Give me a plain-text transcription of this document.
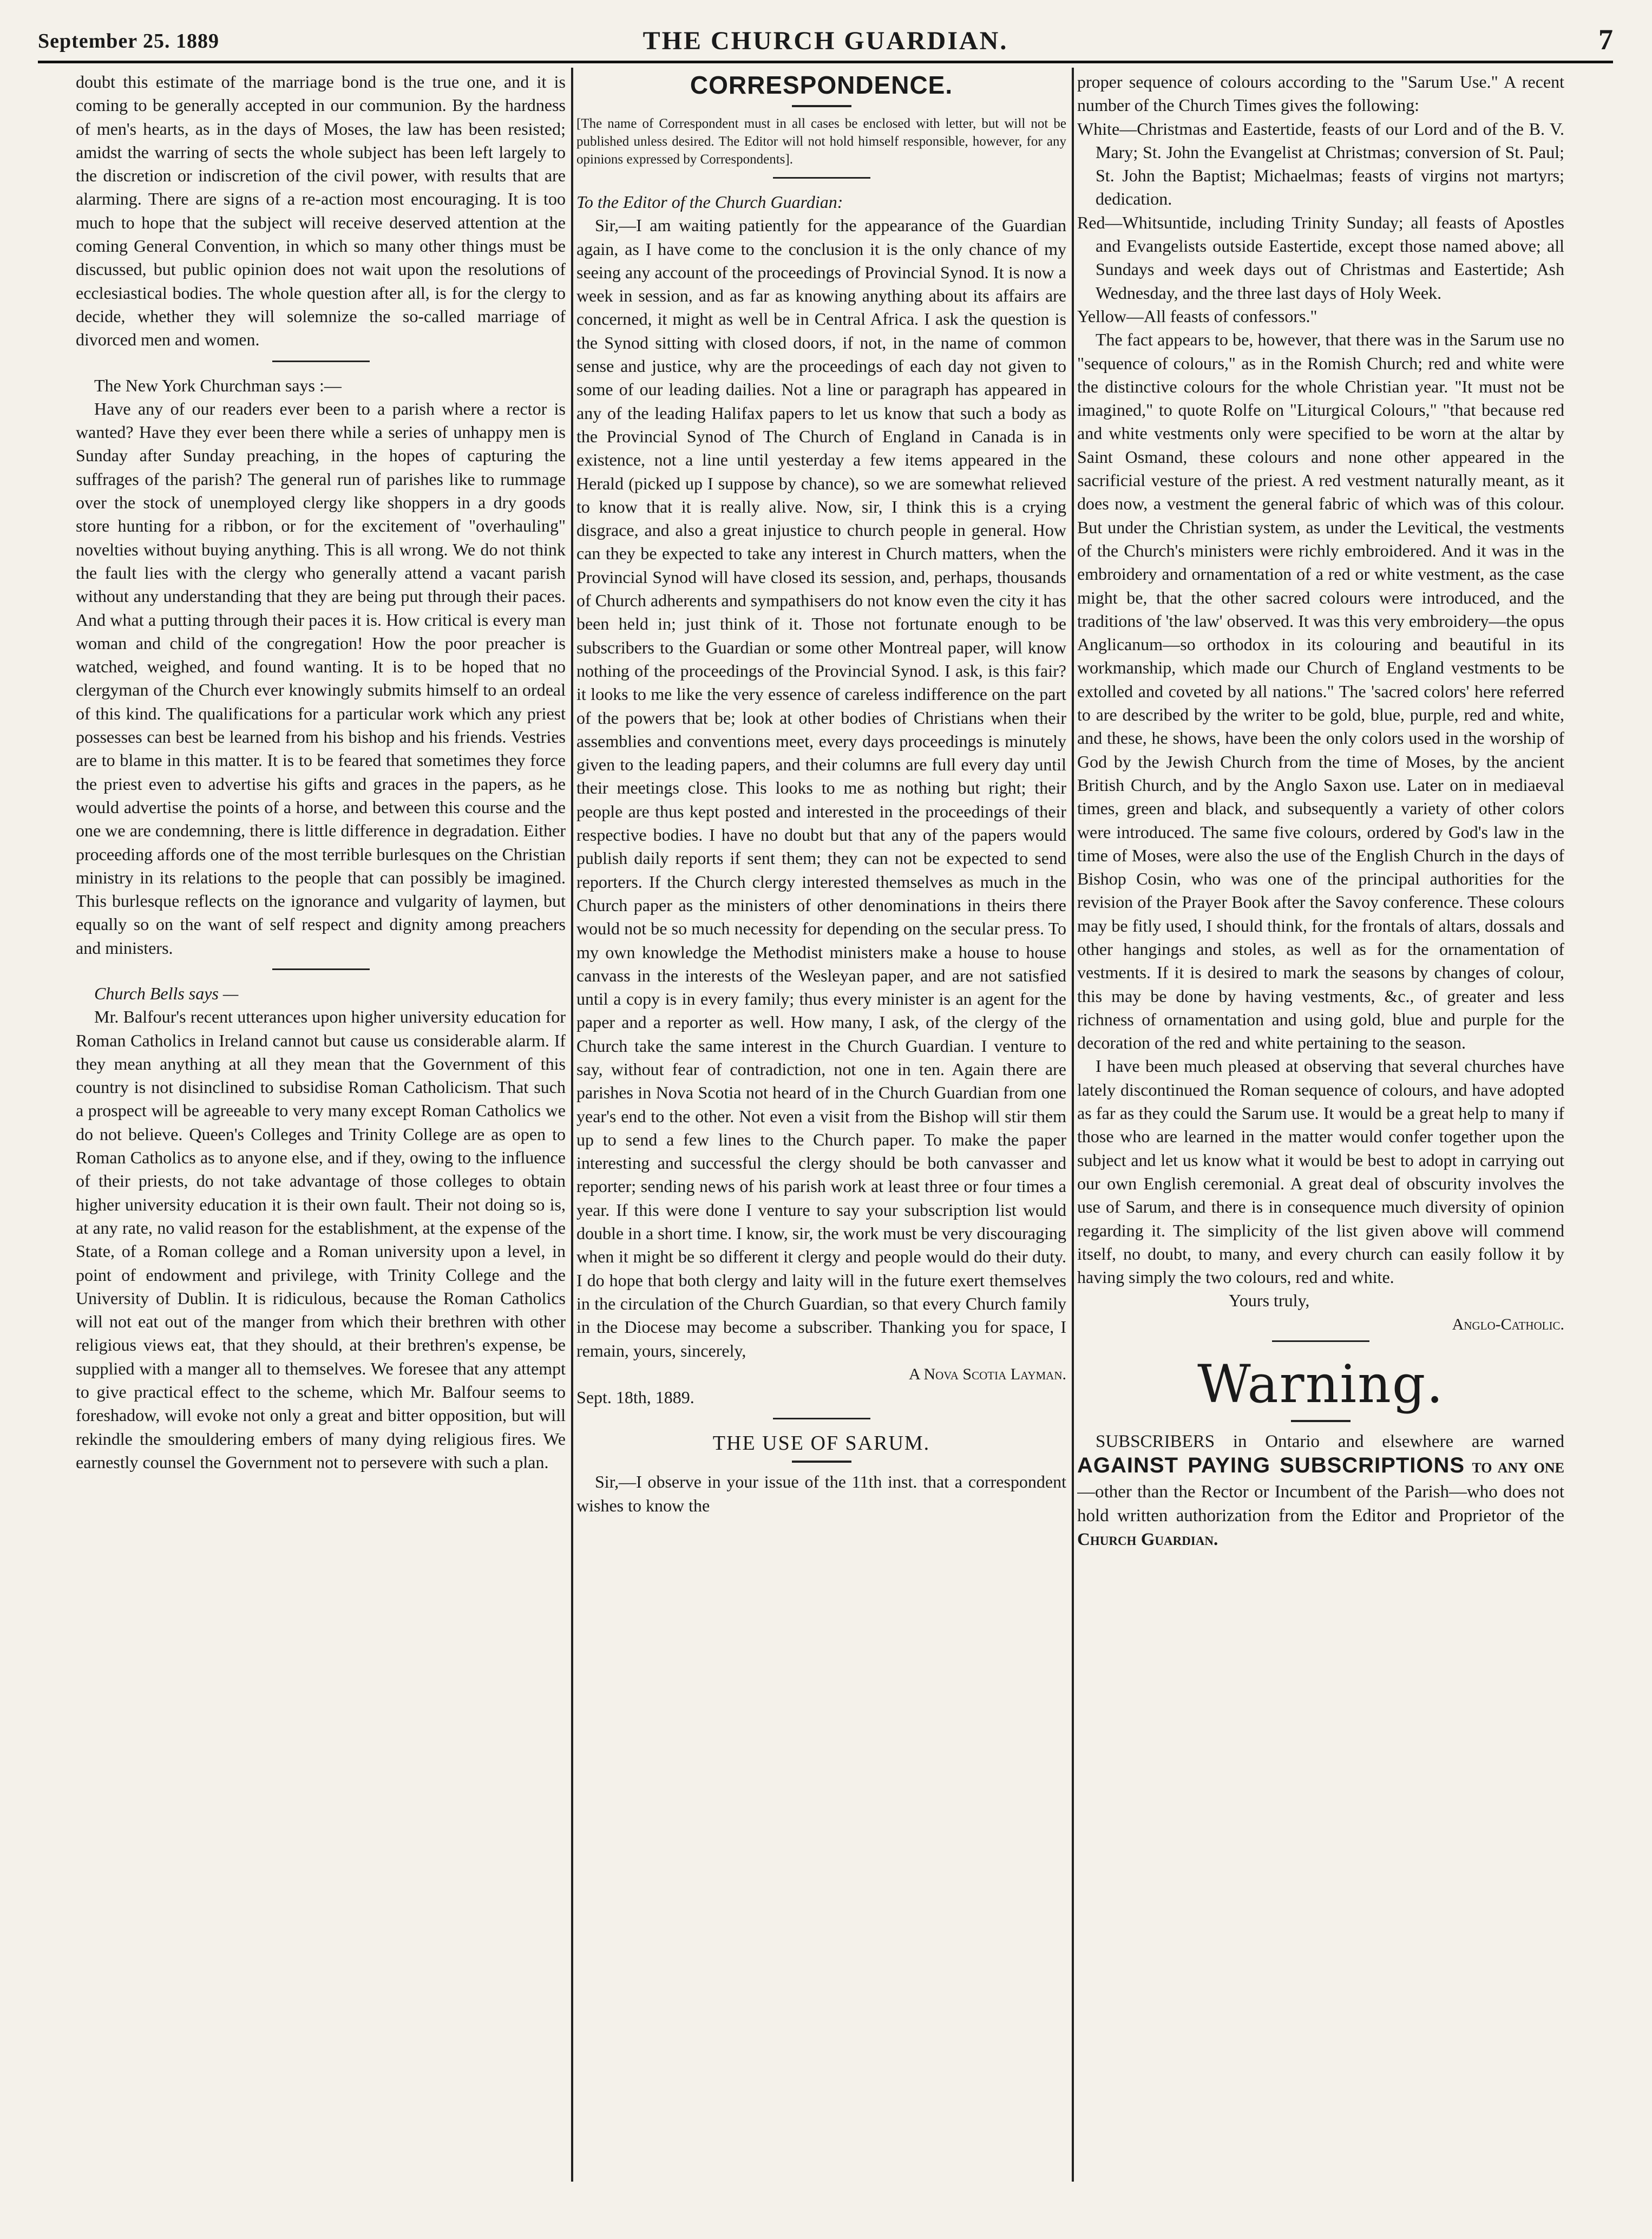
September 25. 1889	THE CHURCH GUARDIAN.	7

doubt this estimate of the marriage bond is the true one, and it is coming to be generally accepted in our communion. By the hardness of men's hearts, as in the days of Moses, the law has been resisted; amidst the warring of sects the whole subject has been left largely to the discretion or indiscretion of the civil power, with results that are alarming. There are signs of a re-action most encouraging. It is too much to hope that the subject will receive deserved attention at the coming General Convention, in which so many other things must be discussed, but public opinion does not wait upon the resolutions of ecclesiastical bodies. The whole question after all, is for the clergy to decide, whether they will solemnize the so-called marriage of divorced men and women.

The New York Churchman says :—

Have any of our readers ever been to a parish where a rector is wanted? Have they ever been there while a series of unhappy men is Sunday after Sunday preaching, in the hopes of capturing the suffrages of the parish? The general run of parishes like to rummage over the stock of unemployed clergy like shoppers in a dry goods store hunting for a ribbon, or for the excitement of "overhauling" novelties without buying anything. This is all wrong. We do not think the fault lies with the clergy who generally attend a vacant parish without any understanding that they are being put through their paces. And what a putting through their paces it is. How critical is every man woman and child of the congregation! How the poor preacher is watched, weighed, and found wanting. It is to be hoped that no clergyman of the Church ever knowingly submits himself to an ordeal of this kind. The qualifications for a particular work which any priest possesses can best be learned from his bishop and his friends. Vestries are to blame in this matter. It is to be feared that sometimes they force the priest even to advertise his gifts and graces in the papers, as he would advertise the points of a horse, and between this course and the one we are condemning, there is little difference in degradation. Either proceeding affords one of the most terrible burlesques on the Christian ministry in its relations to the people that can possibly be imagined. This burlesque reflects on the ignorance and vulgarity of laymen, but equally so on the want of self respect and dignity among preachers and ministers.

Church Bells says —

Mr. Balfour's recent utterances upon higher university education for Roman Catholics in Ireland cannot but cause us considerable alarm. If they mean anything at all they mean that the Government of this country is not disinclined to subsidise Roman Catholicism. That such a prospect will be agreeable to very many except Roman Catholics we do not believe. Queen's Colleges and Trinity College are as open to Roman Catholics as to anyone else, and if they, owing to the influence of their priests, do not take advantage of those colleges to obtain higher university education it is their own fault. Their not doing so is, at any rate, no valid reason for the establishment, at the expense of the State, of a Roman college and a Roman university upon a level, in point of endowment and privilege, with Trinity College and the University of Dublin. It is ridiculous, because the Roman Catholics will not eat out of the manger from which their brethren with other religious views eat, that they should, at their brethren's expense, be supplied with a manger all to themselves. We foresee that any attempt to give practical effect to the scheme, which Mr. Balfour seems to foreshadow, will evoke not only a great and bitter opposition, but will rekindle the smouldering embers of many dying religious fires. We earnestly counsel the Government not to persevere with such a plan.

CORRESPONDENCE.

[The name of Correspondent must in all cases be enclosed with letter, but will not be published unless desired. The Editor will not hold himself responsible, however, for any opinions expressed by Correspondents].

To the Editor of the Church Guardian:

Sir,—I am waiting patiently for the appearance of the Guardian again, as I have come to the conclusion it is the only chance of my seeing any account of the proceedings of Provincial Synod. It is now a week in session, and as far as knowing anything about its affairs are concerned, it might as well be in Central Africa. I ask the question is the Synod sitting with closed doors, if not, in the name of common sense and justice, why are the proceedings of each day not given to some of our leading dailies. Not a line or paragraph has appeared in any of the leading Halifax papers to let us know that such a body as the Provincial Synod of The Church of England in Canada is in existence, not a line until yesterday a few items appeared in the Herald (picked up I suppose by chance), so we are somewhat relieved to know that it is really alive. Now, sir, I think this is a crying disgrace, and also a great injustice to church people in general. How can they be expected to take any interest in Church matters, when the Provincial Synod will have closed its session, and, perhaps, thousands of Church adherents and sympathisers do not know even the city it has been held in; just think of it. Those not fortunate enough to be subscribers to the Guardian or some other Montreal paper, will know nothing of the proceedings of the Provincial Synod. I ask, is this fair? it looks to me like the very essence of careless indifference on the part of the powers that be; look at other bodies of Christians when their assemblies and conventions meet, every days proceedings is minutely given to the leading papers, and their columns are full every day until their meetings close. This looks to me as nothing but right; their people are thus kept posted and interested in the proceedings of their respective bodies. I have no doubt but that any of the papers would publish daily reports if sent them; they can not be expected to send reporters. If the Church clergy interested themselves as much in the Church paper as the ministers of other denominations in theirs there would not be so much necessity for depending on the secular press. To my own knowledge the Methodist ministers make a house to house canvass in the interests of the Wesleyan paper, and are not satisfied until a copy is in every family; thus every minister is an agent for the paper and a reporter as well. How many, I ask, of the clergy of the Church take the same interest in the Church Guardian. I venture to say, without fear of contradiction, not one in ten. Again there are parishes in Nova Scotia not heard of in the Church Guardian from one year's end to the other. Not even a visit from the Bishop will stir them up to send a few lines to the Church paper. To make the paper interesting and successful the clergy should be both canvasser and reporter; sending news of his parish work at least three or four times a year. If this were done I venture to say your subscription list would double in a short time. I know, sir, the work must be very discouraging when it might be so different it clergy and people would do their duty. I do hope that both clergy and laity will in the future exert themselves in the circulation of the Church Guardian, so that every Church family in the Diocese may become a subscriber. Thanking you for space, I remain, yours, sincerely,

A Nova Scotia Layman.

Sept. 18th, 1889.

THE USE OF SARUM.

Sir,—I observe in your issue of the 11th inst. that a correspondent wishes to know the

proper sequence of colours according to the "Sarum Use." A recent number of the Church Times gives the following:

White—Christmas and Eastertide, feasts of our Lord and of the B. V. Mary; St. John the Evangelist at Christmas; conversion of St. Paul; St. John the Baptist; Michaelmas; feasts of virgins not martyrs; dedication.

Red—Whitsuntide, including Trinity Sunday; all feasts of Apostles and Evangelists outside Eastertide, except those named above; all Sundays and week days out of Christmas and Eastertide; Ash Wednesday, and the three last days of Holy Week.

Yellow—All feasts of confessors."

The fact appears to be, however, that there was in the Sarum use no "sequence of colours," as in the Romish Church; red and white were the distinctive colours for the whole Christian year. "It must not be imagined," to quote Rolfe on "Liturgical Colours," "that because red and white vestments only were specified to be worn at the altar by Saint Osmand, these colours and none other appeared in the sacrificial vesture of the priest. A red vestment naturally meant, as it does now, a vestment the general fabric of which was of this colour. But under the Christian system, as under the Levitical, the vestments of the Church's ministers were richly embroidered. And it was in the embroidery and ornamentation of a red or white vestment, as the case might be, that the other sacred colours were introduced, and the traditions of 'the law' observed. It was this very embroidery—the opus Anglicanum—so orthodox in its colouring and beautiful in its workmanship, which made our Church of England vestments to be extolled and coveted by all nations." The 'sacred colors' here referred to are described by the writer to be gold, blue, purple, red and white, and these, he shows, have been the only colors used in the worship of God by the Jewish Church from the time of Moses, by the ancient British Church, and by the Anglo Saxon use. Later on in mediaeval times, green and black, and subsequently a variety of other colors were introduced. The same five colours, ordered by God's law in the time of Moses, were also the use of the English Church in the days of Bishop Cosin, who was one of the principal authorities for the revision of the Prayer Book after the Savoy conference. These colours may be fitly used, I should think, for the frontals of altars, dossals and other hangings and stoles, as well as for the ornamentation of vestments. If it is desired to mark the seasons by changes of colour, this may be done by having vestments, &c., of greater and less richness of ornamentation and using gold, blue and purple for the decoration of the red and white pertaining to the season.

I have been much pleased at observing that several churches have lately discontinued the Roman sequence of colours, and have adopted as far as they could the Sarum use. It would be a great help to many if those who are learned in the matter would confer together upon the subject and let us know what it would be best to adopt in carrying out our own English ceremonial. A great deal of obscurity involves the use of Sarum, and there is in consequence much diversity of opinion regarding it. The simplicity of the list given above will commend itself, no doubt, to many, and every church can easily follow it by having simply the two colours, red and white.

Yours truly,

Anglo-Catholic.

Warning.

SUBSCRIBERS in Ontario and elsewhere are warned AGAINST PAYING SUBSCRIPTIONS TO ANY ONE—other than the Rector or Incumbent of the Parish—who does not hold written authorization from the Editor and Proprietor of the Church Guardian.
